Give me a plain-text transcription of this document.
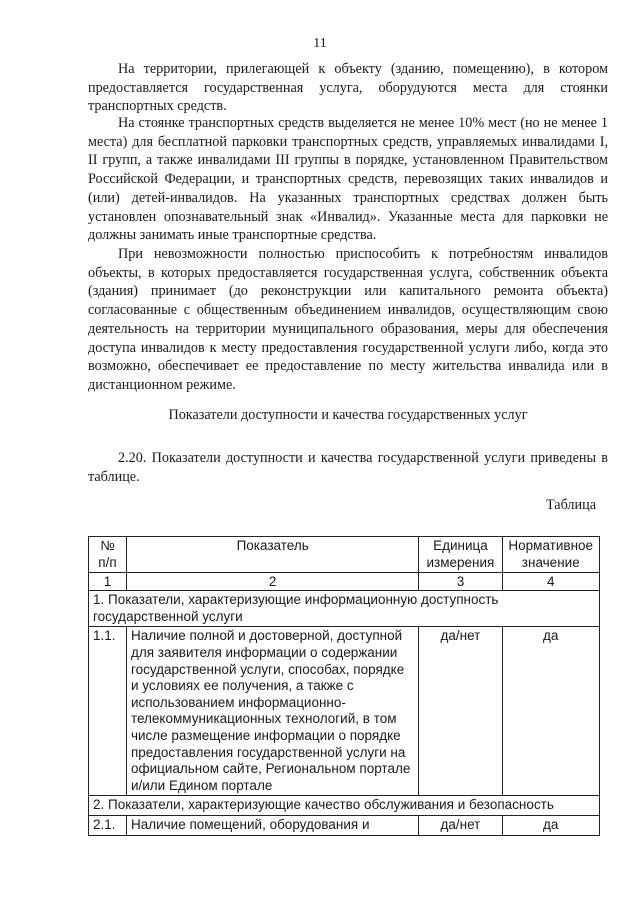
11

На территории, прилегающей к объекту (зданию, помещению), в котором предоставляется государственная услуга, оборудуются места для стоянки транспортных средств.

На стоянке транспортных средств выделяется не менее 10% мест (но не менее 1 места) для бесплатной парковки транспортных средств, управляемых инвалидами I, II групп, а также инвалидами III группы в порядке, установленном Правительством Российской Федерации, и транспортных средств, перевозящих таких инвалидов и (или) детей-инвалидов. На указанных транспортных средствах должен быть установлен опознавательный знак «Инвалид». Указанные места для парковки не должны занимать иные транспортные средства.

При невозможности полностью приспособить к потребностям инвалидов объекты, в которых предоставляется государственная услуга, собственник объекта (здания) принимает (до реконструкции или капитального ремонта объекта) согласованные с общественным объединением инвалидов, осуществляющим свою деятельность на территории муниципального образования, меры для обеспечения доступа инвалидов к месту предоставления государственной услуги либо, когда это возможно, обеспечивает ее предоставление по месту жительства инвалида или в дистанционном режиме.

Показатели доступности и качества государственных услуг

2.20. Показатели доступности и качества государственной услуги приведены в таблице.

Таблица
№ п/п	Показатель	Единица измерения	Нормативное значение
1	2	3	4
1. Показатели, характеризующие информационную доступность государственной услуги			
1.1.	Наличие полной и достоверной, доступной для заявителя информации о содержании государственной услуги, способах, порядке и условиях ее получения, а также с использованием информационно-телекоммуникационных технологий, в том числе размещение информации о порядке предоставления государственной услуги на официальном сайте, Региональном портале и/или Едином портале	да/нет	да
2. Показатели, характеризующие качество обслуживания и безопасность			
2.1.	Наличие помещений, оборудования и	да/нет	да
